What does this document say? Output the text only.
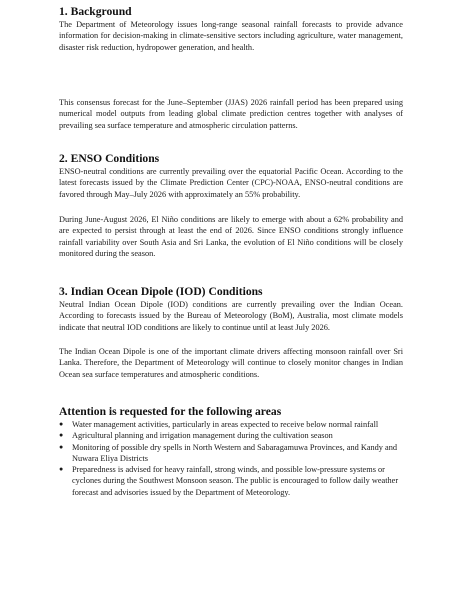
1. Background

The Department of Meteorology issues long-range seasonal rainfall forecasts to provide advance information for decision-making in climate-sensitive sectors including agriculture, water management, disaster risk reduction, hydropower generation, and health.

This consensus forecast for the June–September (JJAS) 2026 rainfall period has been prepared using numerical model outputs from leading global climate prediction centres together with analyses of prevailing sea surface temperature and atmospheric circulation patterns.

2. ENSO Conditions

ENSO-neutral conditions are currently prevailing over the equatorial Pacific Ocean. According to the latest forecasts issued by the Climate Prediction Center (CPC)-NOAA, ENSO-neutral conditions are favored through May–July 2026 with approximately an 55% probability.

During June-August 2026, El Niño conditions are likely to emerge with about a 62% probability and are expected to persist through at least the end of 2026. Since ENSO conditions strongly influence rainfall variability over South Asia and Sri Lanka, the evolution of El Niño conditions will be closely monitored during the season.

3. Indian Ocean Dipole (IOD) Conditions

Neutral Indian Ocean Dipole (IOD) conditions are currently prevailing over the Indian Ocean. According to forecasts issued by the Bureau of Meteorology (BoM), Australia, most climate models indicate that neutral IOD conditions are likely to continue until at least July 2026.

The Indian Ocean Dipole is one of the important climate drivers affecting monsoon rainfall over Sri Lanka. Therefore, the Department of Meteorology will continue to closely monitor changes in Indian Ocean sea surface temperatures and atmospheric conditions.

Attention is requested for the following areas
● Water management activities, particularly in areas expected to receive below normal rainfall
● Agricultural planning and irrigation management during the cultivation season
● Monitoring of possible dry spells in North Western and Sabaragamuwa Provinces, and Kandy and Nuwara Eliya Districts
● Preparedness is advised for heavy rainfall, strong winds, and possible low-pressure systems or cyclones during the Southwest Monsoon season. The public is encouraged to follow daily weather forecast and advisories issued by the Department of Meteorology.
